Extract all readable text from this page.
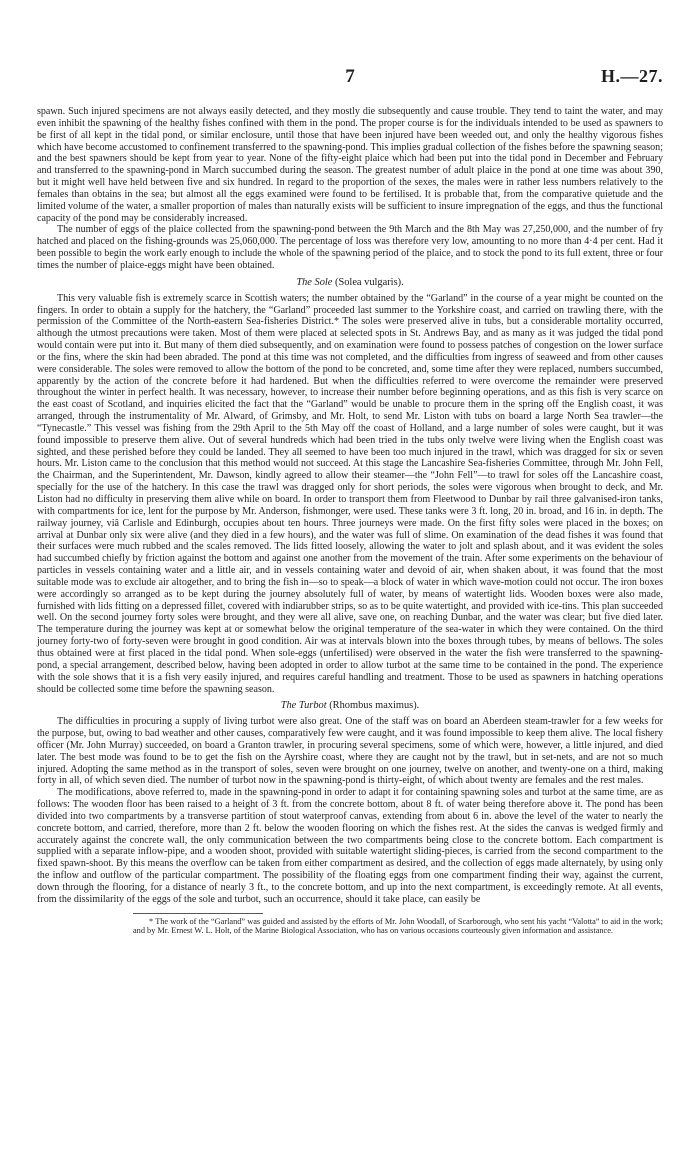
7	H.—27.

spawn. Such injured specimens are not always easily detected, and they mostly die subsequently and cause trouble. They tend to taint the water, and may even inhibit the spawning of the healthy fishes confined with them in the pond. The proper course is for the individuals intended to be used as spawners to be first of all kept in the tidal pond, or similar enclosure, until those that have been injured have been weeded out, and only the healthy vigorous fishes which have become accustomed to confinement transferred to the spawning-pond. This implies gradual collection of the fishes before the spawning season; and the best spawners should be kept from year to year. None of the fifty-eight plaice which had been put into the tidal pond in December and February and transferred to the spawning-pond in March succumbed during the season. The greatest number of adult plaice in the pond at one time was about 390, but it might well have held between five and six hundred. In regard to the proportion of the sexes, the males were in rather less numbers relatively to the females than obtains in the sea; but almost all the eggs examined were found to be fertilised. It is probable that, from the comparative quietude and the limited volume of the water, a smaller proportion of males than naturally exists will be sufficient to insure impregnation of the eggs, and thus the functional capacity of the pond may be considerably increased.

The number of eggs of the plaice collected from the spawning-pond between the 9th March and the 8th May was 27,250,000, and the number of fry hatched and placed on the fishing-grounds was 25,060,000. The percentage of loss was therefore very low, amounting to no more than 4·4 per cent. Had it been possible to begin the work early enough to include the whole of the spawning period of the plaice, and to stock the pond to its full extent, three or four times the number of plaice-eggs might have been obtained.

The Sole (Solea vulgaris).

This very valuable fish is extremely scarce in Scottish waters; the number obtained by the “Garland” in the course of a year might be counted on the fingers. In order to obtain a supply for the hatchery, the “Garland” proceeded last summer to the Yorkshire coast, and carried on trawling there, with the permission of the Committee of the North-eastern Sea-fisheries District.* The soles were preserved alive in tubs, but a considerable mortality occurred, although the utmost precautions were taken. Most of them were placed at selected spots in St. Andrews Bay, and as many as it was judged the tidal pond would contain were put into it. But many of them died subsequently, and on examination were found to possess patches of congestion on the lower surface or the fins, where the skin had been abraded. The pond at this time was not completed, and the difficulties from ingress of seaweed and from other causes were considerable. The soles were removed to allow the bottom of the pond to be concreted, and, some time after they were replaced, numbers succumbed, apparently by the action of the concrete before it had hardened. But when the difficulties referred to were overcome the remainder were preserved throughout the winter in perfect health. It was necessary, however, to increase their number before beginning operations, and as this fish is very scarce on the east coast of Scotland, and inquiries elicited the fact that the “Garland” would be unable to procure them in the spring off the English coast, it was arranged, through the instrumentality of Mr. Alward, of Grimsby, and Mr. Holt, to send Mr. Liston with tubs on board a large North Sea trawler—the “Tynecastle.” This vessel was fishing from the 29th April to the 5th May off the coast of Holland, and a large number of soles were caught, but it was found impossible to preserve them alive. Out of several hundreds which had been tried in the tubs only twelve were living when the English coast was sighted, and these perished before they could be landed. They all seemed to have been too much injured in the trawl, which was dragged for six or seven hours. Mr. Liston came to the conclusion that this method would not succeed. At this stage the Lancashire Sea-fisheries Committee, through Mr. John Fell, the Chairman, and the Superintendent, Mr. Dawson, kindly agreed to allow their steamer—the “John Fell”—to trawl for soles off the Lancashire coast, specially for the use of the hatchery. In this case the trawl was dragged only for short periods, the soles were vigorous when brought to deck, and Mr. Liston had no difficulty in preserving them alive while on board. In order to transport them from Fleetwood to Dunbar by rail three galvanised-iron tanks, with compartments for ice, lent for the purpose by Mr. Anderson, fishmonger, were used. These tanks were 3 ft. long, 20 in. broad, and 16 in. in depth. The railway journey, viâ Carlisle and Edinburgh, occupies about ten hours. Three journeys were made. On the first fifty soles were placed in the boxes; on arrival at Dunbar only six were alive (and they died in a few hours), and the water was full of slime. On examination of the dead fishes it was found that their surfaces were much rubbed and the scales removed. The lids fitted loosely, allowing the water to jolt and splash about, and it was evident the soles had succumbed chiefly by friction against the bottom and against one another from the movement of the train. After some experiments on the behaviour of particles in vessels containing water and a little air, and in vessels containing water and devoid of air, when shaken about, it was found that the most suitable mode was to exclude air altogether, and to bring the fish in—so to speak—a block of water in which wave-motion could not occur. The iron boxes were accordingly so arranged as to be kept during the journey absolutely full of water, by means of watertight lids. Wooden boxes were also made, furnished with lids fitting on a depressed fillet, covered with indiarubber strips, so as to be quite watertight, and provided with ice-tins. This plan succeeded well. On the second journey forty soles were brought, and they were all alive, save one, on reaching Dunbar, and the water was clear; but five died later. The temperature during the journey was kept at or somewhat below the original temperature of the sea-water in which they were contained. On the third journey forty-two of forty-seven were brought in good condition. Air was at intervals blown into the boxes through tubes, by means of bellows. The soles thus obtained were at first placed in the tidal pond. When sole-eggs (unfertilised) were observed in the water the fish were transferred to the spawning-pond, a special arrangement, described below, having been adopted in order to allow turbot at the same time to be contained in the pond. The experience with the sole shows that it is a fish very easily injured, and requires careful handling and treatment. Those to be used as spawners in hatching operations should be collected some time before the spawning season.

The Turbot (Rhombus maximus).

The difficulties in procuring a supply of living turbot were also great. One of the staff was on board an Aberdeen steam-trawler for a few weeks for the purpose, but, owing to bad weather and other causes, comparatively few were caught, and it was found impossible to keep them alive. The local fishery officer (Mr. John Murray) succeeded, on board a Granton trawler, in procuring several specimens, some of which were, however, a little injured, and died later. The best mode was found to be to get the fish on the Ayrshire coast, where they are caught not by the trawl, but in set-nets, and are not so much injured. Adopting the same method as in the transport of soles, seven were brought on one journey, twelve on another, and twenty-one on a third, making forty in all, of which seven died. The number of turbot now in the spawning-pond is thirty-eight, of which about twenty are females and the rest males.

The modifications, above referred to, made in the spawning-pond in order to adapt it for containing spawning soles and turbot at the same time, are as follows: The wooden floor has been raised to a height of 3 ft. from the concrete bottom, about 8 ft. of water being therefore above it. The pond has been divided into two compartments by a transverse partition of stout waterproof canvas, extending from about 6 in. above the level of the water to nearly the concrete bottom, and carried, therefore, more than 2 ft. below the wooden flooring on which the fishes rest. At the sides the canvas is wedged firmly and accurately against the concrete wall, the only communication between the two compartments being close to the concrete bottom. Each compartment is supplied with a separate inflow-pipe, and a wooden shoot, provided with suitable watertight sliding-pieces, is carried from the second compartment to the fixed spawn-shoot. By this means the overflow can be taken from either compartment as desired, and the collection of eggs made alternately, by using only the inflow and outflow of the particular compartment. The possibility of the floating eggs from one compartment finding their way, against the current, down through the flooring, for a distance of nearly 3 ft., to the concrete bottom, and up into the next compartment, is exceedingly remote. At all events, from the dissimilarity of the eggs of the sole and turbot, such an occurrence, should it take place, can easily be

* The work of the “Garland” was guided and assisted by the efforts of Mr. John Woodall, of Scarborough, who sent his yacht “Valotta” to aid in the work; and by Mr. Ernest W. L. Holt, of the Marine Biological Association, who has on various occasions courteously given information and assistance.
